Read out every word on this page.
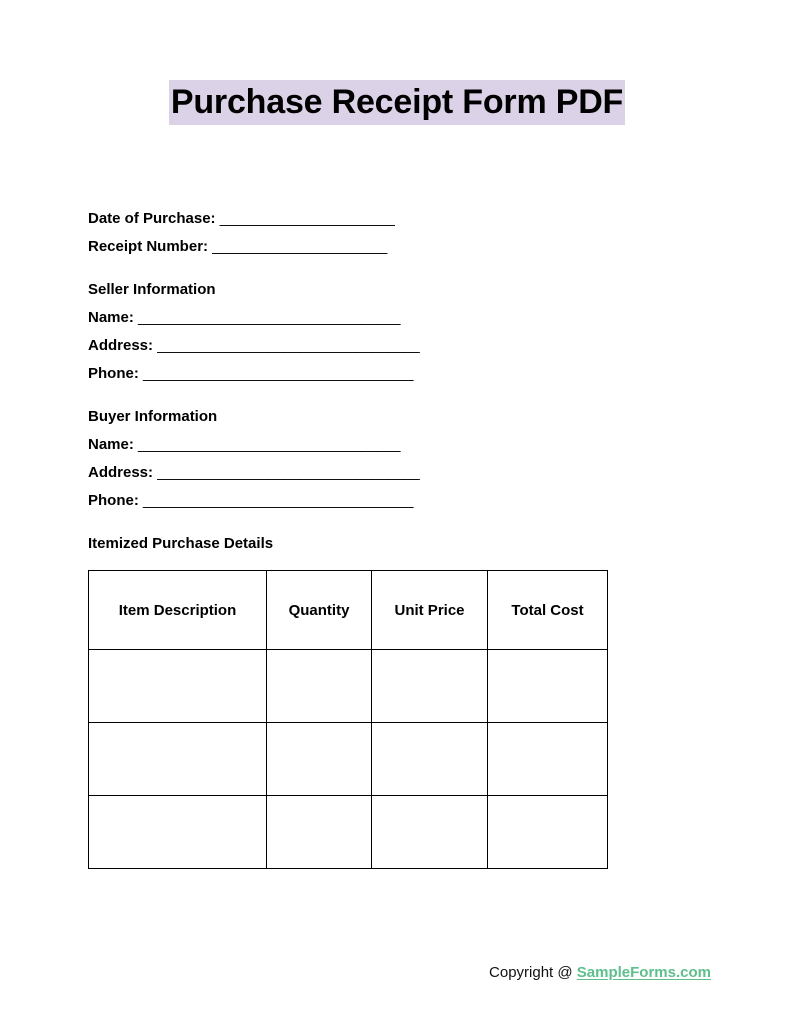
Purchase Receipt Form PDF
Date of Purchase: ______________________
Receipt Number: ______________________
Seller Information
Name: _________________________________
Address: _________________________________
Phone: __________________________________
Buyer Information
Name: _________________________________
Address: _________________________________
Phone: __________________________________
Itemized Purchase Details
Item Description	Quantity	Unit Price	Total Cost

Copyright @ SampleForms.com
